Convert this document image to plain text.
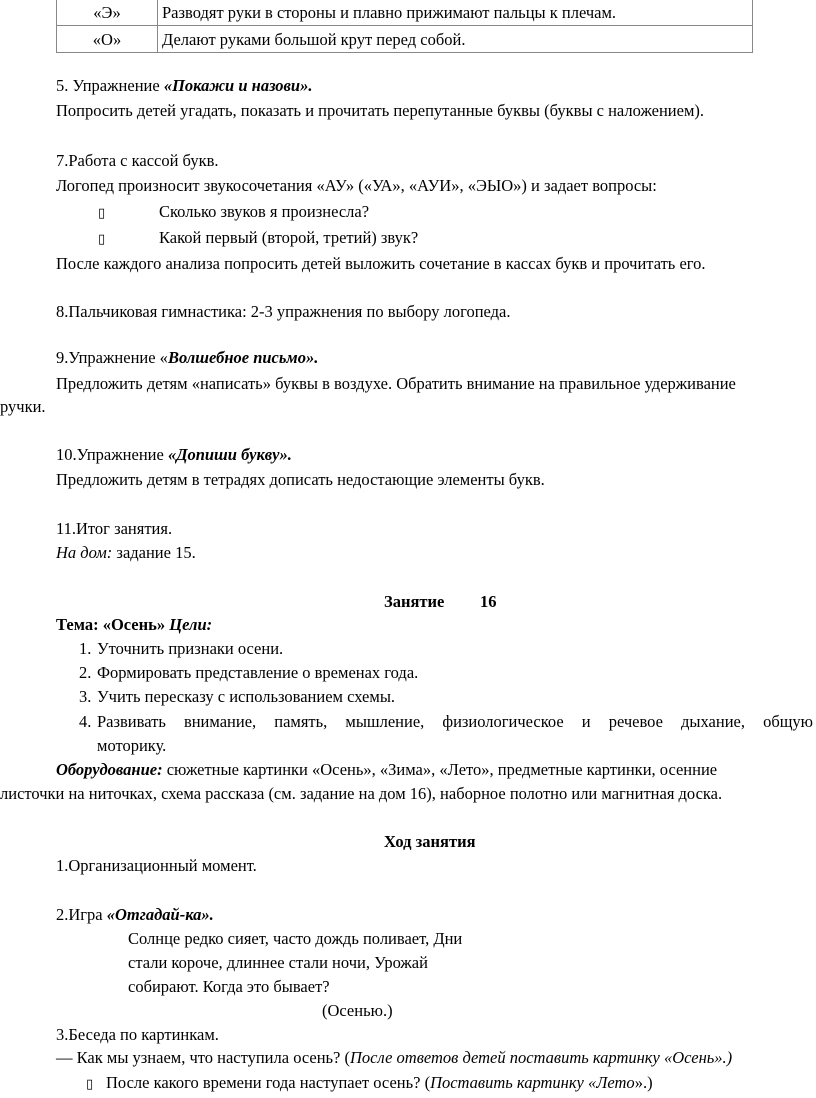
«Э»	Разводят руки в стороны и плавно прижимают пальцы к плечам.
«О»	Делают руками большой крут перед собой.
5. Упражнение «Покажи и назови».
Попросить детей угадать, показать и прочитать перепутанные буквы (буквы с наложением).
7.Работа с кассой букв.
Логопед произносит звукосочетания «АУ» («УА», «АУИ», «ЭЫО») и задает вопросы:
▯	Сколько звуков я произнесла?
▯	Какой первый (второй, третий) звук?
После каждого анализа попросить детей выложить сочетание в кассах букв и прочитать его.
8.Пальчиковая гимнастика: 2-3 упражнения по выбору логопеда.
9.Упражнение «Волшебное письмо».
Предложить детям «написать» буквы в воздухе. Обратить внимание на правильное удерживание
ручки.
10.Упражнение «Допиши букву».
Предложить детям в тетрадях дописать недостающие элементы букв.
11.Итог занятия.
На дом: задание 15.
Занятие 16
Тема: «Осень» Цели:
1. Уточнить признаки осени.
2. Формировать представление о временах года.
3. Учить пересказу с использованием схемы.
4. Развивать внимание, память, мышление, физиологическое и речевое дыхание, общую
моторику.
Оборудование: сюжетные картинки «Осень», «Зима», «Лето», предметные картинки, осенние
листочки на ниточках, схема рассказа (см. задание на дом 16), наборное полотно или магнитная доска.
Ход занятия
1.Организационный момент.
2.Игра «Отгадай-ка».
Солнце редко сияет, часто дождь поливает, Дни
стали короче, длиннее стали ночи, Урожай
собирают. Когда это бывает?
(Осенью.)
3.Беседа по картинкам.
— Как мы узнаем, что наступила осень? (После ответов детей поставить картинку «Осень».)
▯ После какого времени года наступает осень? (Поставить картинку «Лето».)
